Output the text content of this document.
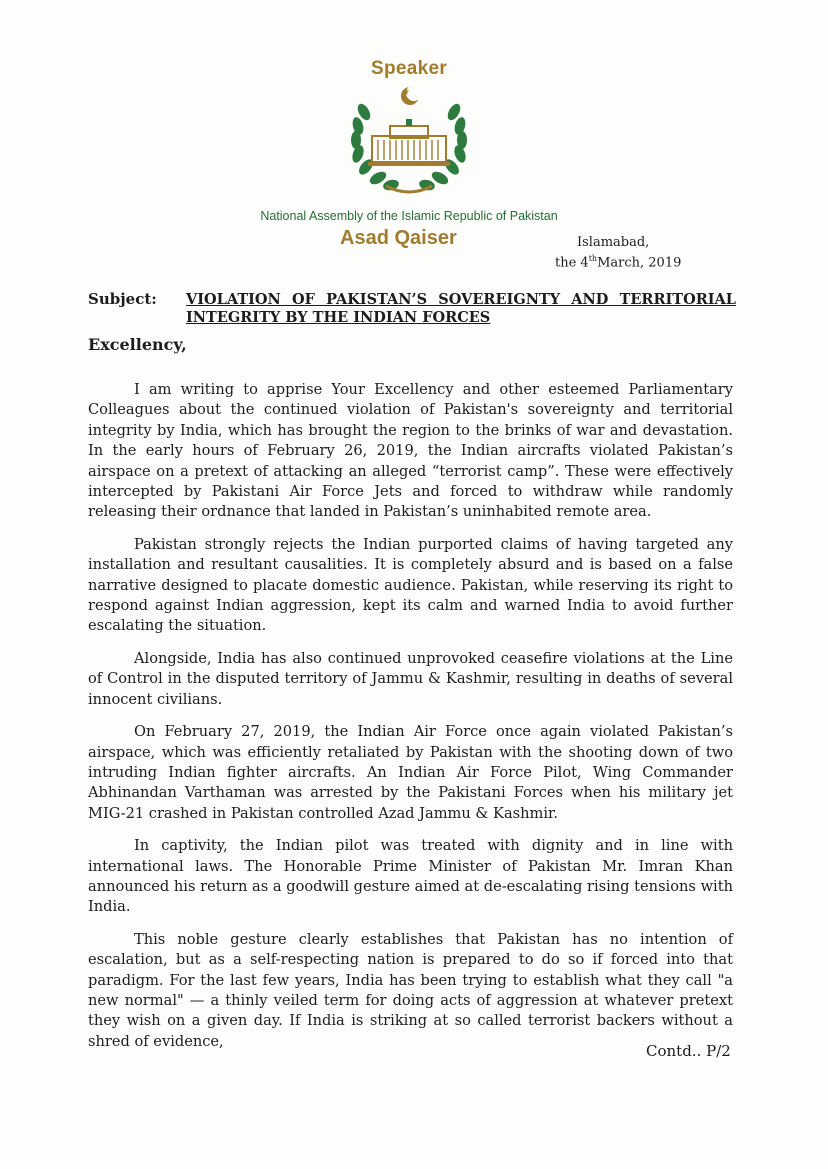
Speaker
National Assembly of the Islamic Republic of Pakistan
Asad Qaiser	Islamabad,
the 4thMarch, 2019
Subject: VIOLATION OF PAKISTAN’S SOVEREIGNTY AND TERRITORIAL INTEGRITY BY THE INDIAN FORCES
Excellency,

I am writing to apprise Your Excellency and other esteemed Parliamentary Colleagues about the continued violation of Pakistan's sovereignty and territorial integrity by India, which has brought the region to the brinks of war and devastation. In the early hours of February 26, 2019, the Indian aircrafts violated Pakistan’s airspace on a pretext of attacking an alleged “terrorist camp”. These were effectively intercepted by Pakistani Air Force Jets and forced to withdraw while randomly releasing their ordnance that landed in Pakistan’s uninhabited remote area.

Pakistan strongly rejects the Indian purported claims of having targeted any installation and resultant causalities. It is completely absurd and is based on a false narrative designed to placate domestic audience. Pakistan, while reserving its right to respond against Indian aggression, kept its calm and warned India to avoid further escalating the situation.

Alongside, India has also continued unprovoked ceasefire violations at the Line of Control in the disputed territory of Jammu & Kashmir, resulting in deaths of several innocent civilians.

On February 27, 2019, the Indian Air Force once again violated Pakistan’s airspace, which was efficiently retaliated by Pakistan with the shooting down of two intruding Indian fighter aircrafts. An Indian Air Force Pilot, Wing Commander Abhinandan Varthaman was arrested by the Pakistani Forces when his military jet MIG-21 crashed in Pakistan controlled Azad Jammu & Kashmir.

In captivity, the Indian pilot was treated with dignity and in line with international laws. The Honorable Prime Minister of Pakistan Mr. Imran Khan announced his return as a goodwill gesture aimed at de-escalating rising tensions with India.

This noble gesture clearly establishes that Pakistan has no intention of escalation, but as a self-respecting nation is prepared to do so if forced into that paradigm. For the last few years, India has been trying to establish what they call "a new normal" — a thinly veiled term for doing acts of aggression at whatever pretext they wish on a given day. If India is striking at so called terrorist backers without a shred of evidence,

Contd.. P/2
